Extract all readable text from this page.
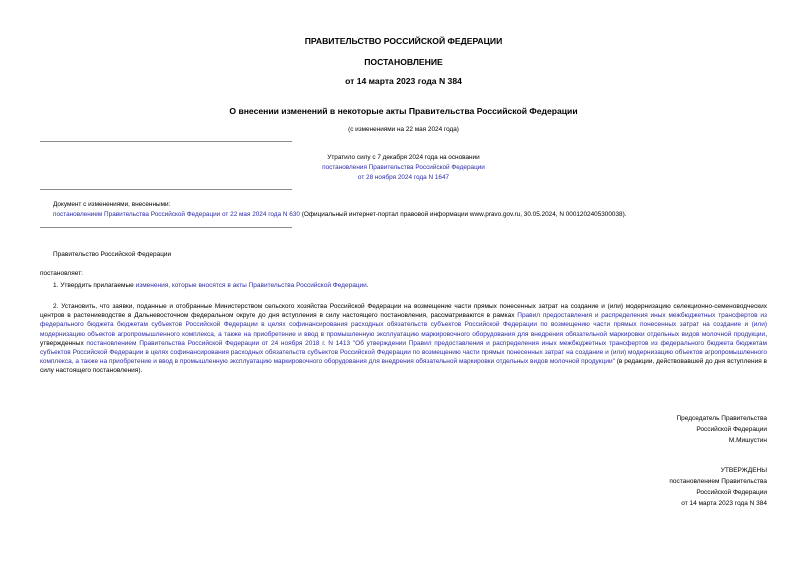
ПРАВИТЕЛЬСТВО РОССИЙСКОЙ ФЕДЕРАЦИИ
ПОСТАНОВЛЕНИЕ
от 14 марта 2023 года N 384
О внесении изменений в некоторые акты Правительства Российской Федерации
(с изменениями на 22 мая 2024 года)
Утратило силу с 7 декабря 2024 года на основании
постановления Правительства Российской Федерации
от 28 ноября 2024 года N 1647
Документ с изменениями, внесенными:
постановлением Правительства Российской Федерации от 22 мая 2024 года N 630 (Официальный интернет-портал правовой информации www.pravo.gov.ru, 30.05.2024, N 0001202405300038).
Правительство Российской Федерации
постановляет:
1. Утвердить прилагаемые изменения, которые вносятся в акты Правительства Российской Федерации.
2. Установить, что заявки, поданные и отобранные Министерством сельского хозяйства Российской Федерации на возмещение части прямых понесенных затрат на создание и (или) модернизацию селекционно-семеноводческих центров в растениеводстве в Дальневосточном федеральном округе до дня вступления в силу настоящего постановления, рассматриваются в рамках Правил предоставления и распределения иных межбюджетных трансфертов из федерального бюджета бюджетам субъектов Российской Федерации в целях софинансирования расходных обязательств субъектов Российской Федерации по возмещению части прямых понесенных затрат на создание и (или) модернизацию объектов агропромышленного комплекса, а также на приобретение и ввод в промышленную эксплуатацию маркировочного оборудования для внедрения обязательной маркировки отдельных видов молочной продукции, утвержденных постановлением Правительства Российской Федерации от 24 ноября 2018 г. N 1413 "Об утверждении Правил предоставления и распределения иных межбюджетных трансфертов из федерального бюджета бюджетам субъектов Российской Федерации в целях софинансирования расходных обязательств субъектов Российской Федерации по возмещению части прямых понесенных затрат на создание и (или) модернизацию объектов агропромышленного комплекса, а также на приобретение и ввод в промышленную эксплуатацию маркировочного оборудования для внедрения обязательной маркировки отдельных видов молочной продукции" (в редакции, действовавшей до дня вступления в силу настоящего постановления).
Председатель Правительства
Российской Федерации
М.Мишустин
УТВЕРЖДЕНЫ
постановлением Правительства
Российской Федерации
от 14 марта 2023 года N 384
